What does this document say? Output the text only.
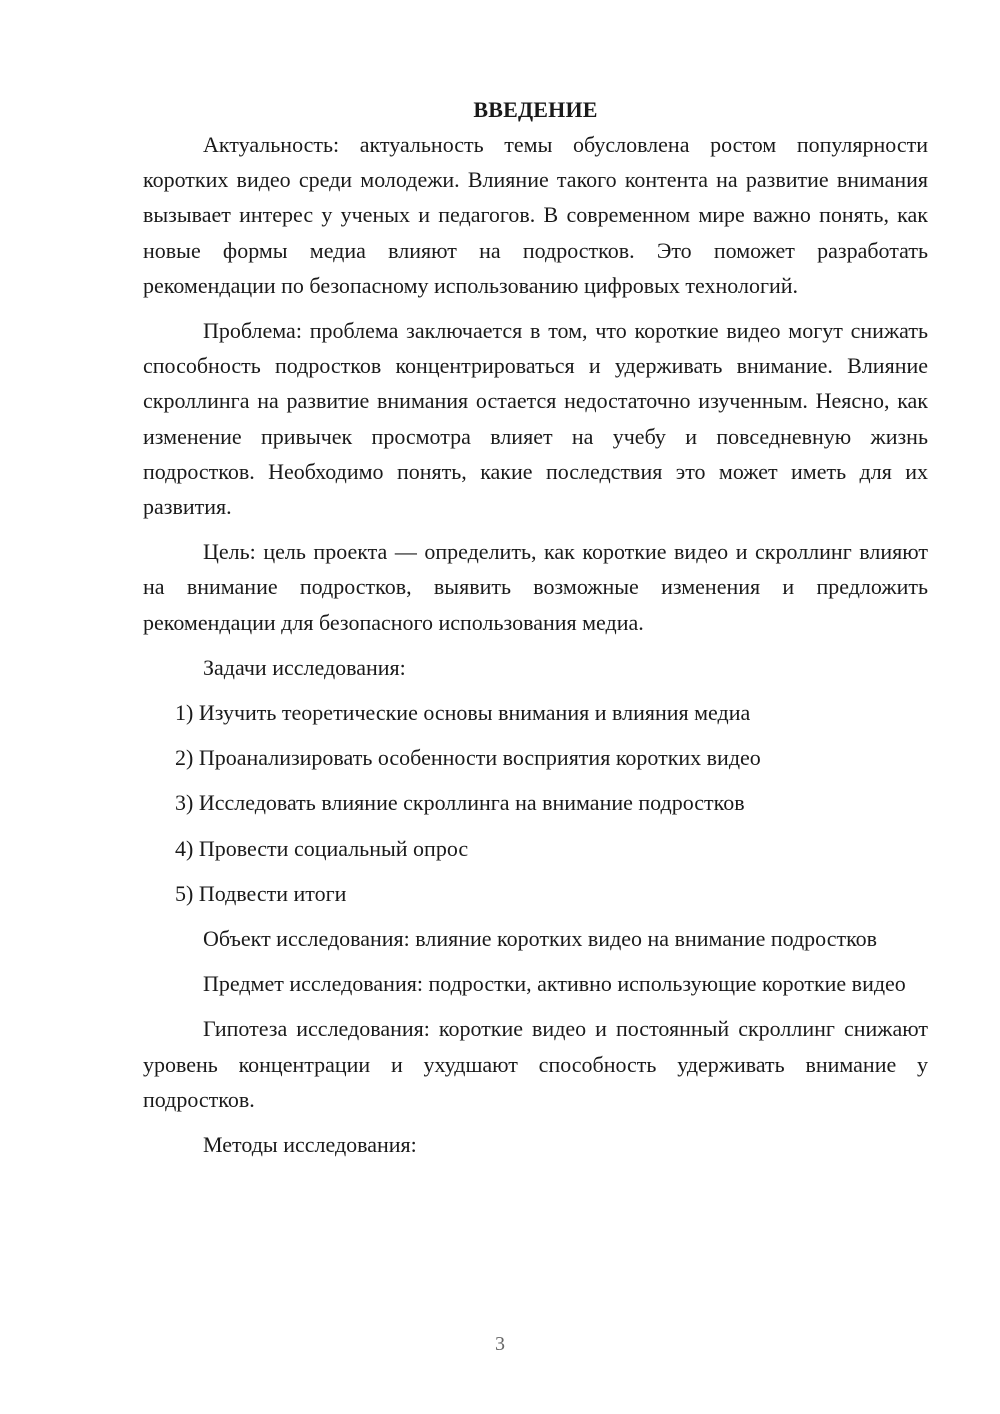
ВВЕДЕНИЕ

Актуальность: актуальность темы обусловлена ростом популярности коротких видео среди молодежи. Влияние такого контента на развитие внимания вызывает интерес у ученых и педагогов. В современном мире важно понять, как новые формы медиа влияют на подростков. Это поможет разработать рекомендации по безопасному использованию цифровых технологий.

Проблема: проблема заключается в том, что короткие видео могут снижать способность подростков концентрироваться и удерживать внимание. Влияние скроллинга на развитие внимания остается недостаточно изученным. Неясно, как изменение привычек просмотра влияет на учебу и повседневную жизнь подростков. Необходимо понять, какие последствия это может иметь для их развития.

Цель: цель проекта — определить, как короткие видео и скроллинг влияют на внимание подростков, выявить возможные изменения и предложить рекомендации для безопасного использования медиа.

Задачи исследования:
1) Изучить теоретические основы внимания и влияния медиа
2) Проанализировать особенности восприятия коротких видео
3) Исследовать влияние скроллинга на внимание подростков
4) Провести социальный опрос
5) Подвести итоги

Объект исследования: влияние коротких видео на внимание подростков

Предмет исследования: подростки, активно использующие короткие видео

Гипотеза исследования: короткие видео и постоянный скроллинг снижают уровень концентрации и ухудшают способность удерживать внимание у подростков.

Методы исследования:
3
